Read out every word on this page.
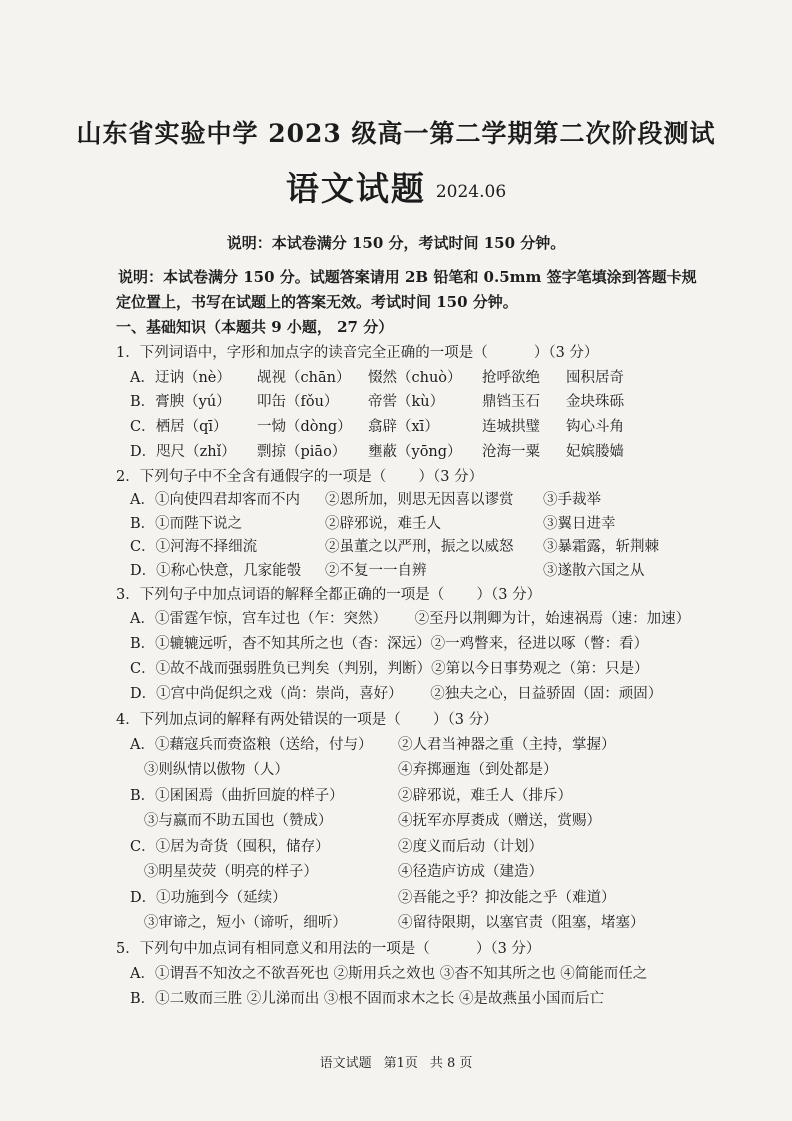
山东省实验中学 2023 级高一第二学期第二次阶段测试
语文试题 2024.06
说明：本试卷满分 150 分，考试时间 150 分钟。
说明：本试卷满分 150 分。试题答案请用 2B 铅笔和 0.5mm 签字笔填涂到答题卡规
定位置上，书写在试题上的答案无效。考试时间 150 分钟。
一、基础知识（本题共 9 小题， 27 分）
1．下列词语中，字形和加点字的读音完全正确的一项是（          ）（3 分）
A．迂讷（nè） 觇视（chān） 惙然（chuò） 抢呼欲绝 囤积居奇
B．膏腴（yú） 叩缶（fǒu） 帝喾（kù）	鼎铛玉石 金块珠砾
C．栖居（qī） 一恸（dòng） 翕辟（xī）	连城拱璧 钩心斗角
D．咫尺（zhǐ） 剽掠（piāo） 壅蔽（yōng） 沧海一粟 妃嫔媵嫱
2．下列句子中不全含有通假字的一项是（       ）（3 分）
A．①向使四君却客而不内 ②恩所加，则思无因喜以谬赏 ③手裁举
B．①而陛下说之	②辟邪说，难壬人	③翼日进幸
C．①河海不择细流	②虽董之以严刑，振之以威怒 ③暴霜露，斩荆棘
D．①称心快意，几家能彀 ②不复一一自辨	③遂散六国之从
3．下列句子中加点词语的解释全都正确的一项是（       ）（3 分）
A．①雷霆乍惊，宫车过也（乍：突然）      ②至丹以荆卿为计，始速祸焉（速：加速）
B．①辘辘远听，杳不知其所之也（杳：深远）②一鸡瞥来，径进以啄（瞥：看）
C．①故不战而强弱胜负已判矣（判别，判断）②第以今日事势观之（第：只是）
D．①宫中尚促织之戏（尚：崇尚，喜好）      ②独夫之心，日益骄固（固：顽固）
4．下列加点词的解释有两处错误的一项是（       ）（3 分）
A．①藉寇兵而赍盗粮（送给，付与） ②人君当神器之重（主持，掌握）
③则纵情以傲物（人）	④弃掷逦迤（到处都是）
B．①囷囷焉（曲折回旋的样子）	②辟邪说，难壬人（排斥）
③与嬴而不助五国也（赞成）	④抚军亦厚赉成（赠送，赏赐）
C．①居为奇货（囤积，储存）	②度义而后动（计划）
③明星荧荧（明亮的样子）	④径造庐访成（建造）
D．①功施到今（延续）	②吾能之乎？抑汝能之乎（难道）
③审谛之，短小（谛听，细听）	④留待限期，以塞官责（阻塞，堵塞）
5．下列句中加点词有相同意义和用法的一项是（          ）（3 分）
A．①谓吾不知汝之不欲吾死也 ②斯用兵之效也 ③杳不知其所之也 ④简能而任之
B．①二败而三胜 ②儿涕而出 ③根不固而求木之长 ④是故燕虽小国而后亡
语文试题 第1页 共 8 页
